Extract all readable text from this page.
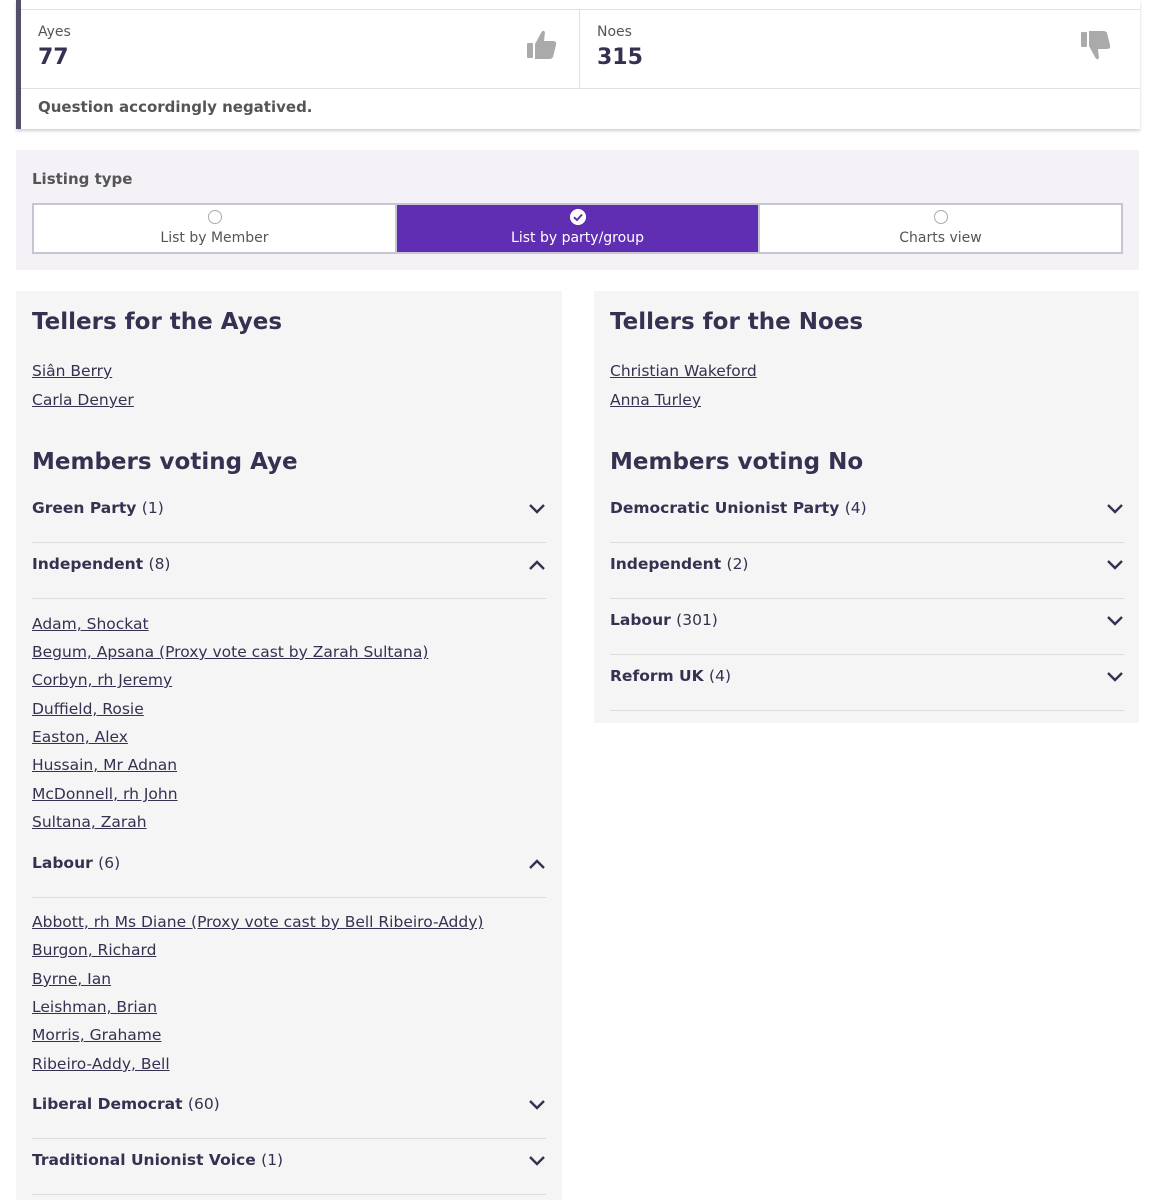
Ayes
77
Noes
315
Question accordingly negatived.
Listing type
List by Member	List by party/group	Charts view
Tellers for the Ayes
Siân Berry
Carla Denyer
Members voting Aye
Green Party (1)
Independent (8)
Adam, Shockat
Begum, Apsana (Proxy vote cast by Zarah Sultana)
Corbyn, rh Jeremy
Duffield, Rosie
Easton, Alex
Hussain, Mr Adnan
McDonnell, rh John
Sultana, Zarah
Labour (6)
Abbott, rh Ms Diane (Proxy vote cast by Bell Ribeiro-Addy)
Burgon, Richard
Byrne, Ian
Leishman, Brian
Morris, Grahame
Ribeiro-Addy, Bell
Liberal Democrat (60)
Traditional Unionist Voice (1)
Tellers for the Noes
Christian Wakeford
Anna Turley
Members voting No
Democratic Unionist Party (4)
Independent (2)
Labour (301)
Reform UK (4)
